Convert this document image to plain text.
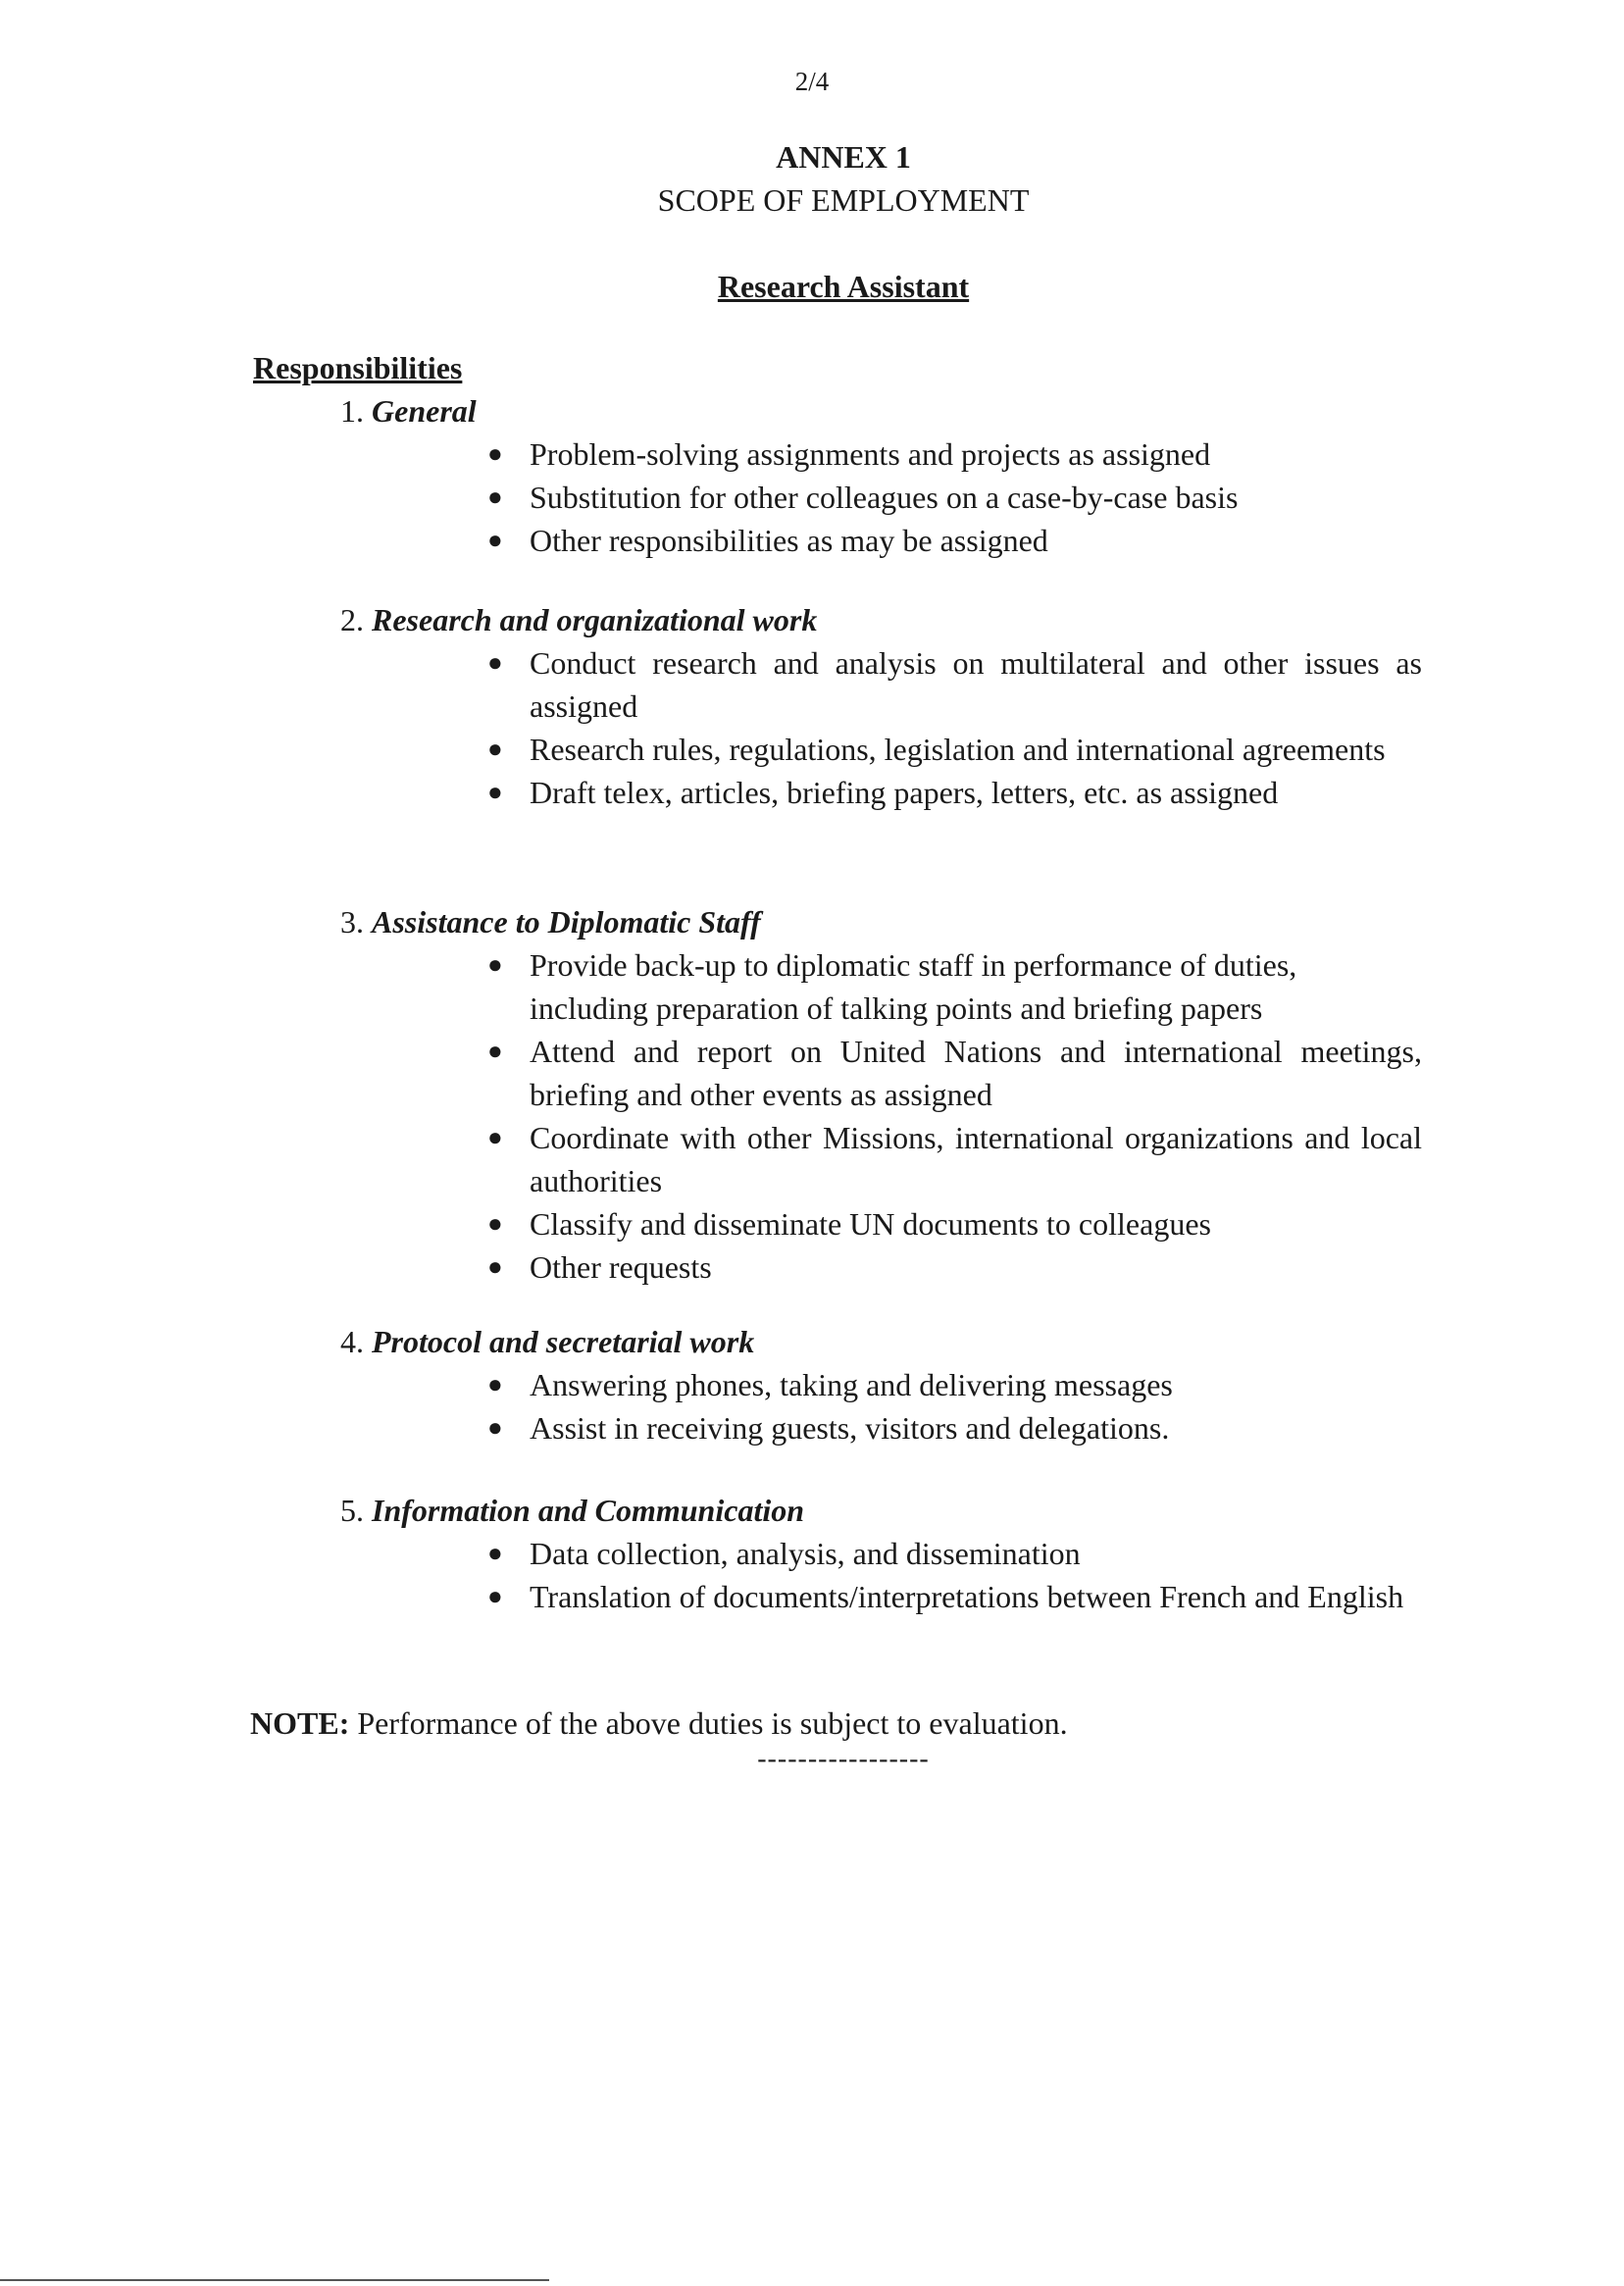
2/4
ANNEX 1
SCOPE OF EMPLOYMENT
Research Assistant
Responsibilities

1. General

● Problem-solving assignments and projects as assigned
● Substitution for other colleagues on a case-by-case basis
● Other responsibilities as may be assigned

2. Research and organizational work

● Conduct research and analysis on multilateral and other issues as assigned
● Research rules, regulations, legislation and international agreements
● Draft telex, articles, briefing papers, letters, etc. as assigned

3. Assistance to Diplomatic Staff

● Provide back-up to diplomatic staff in performance of duties, including preparation of talking points and briefing papers
● Attend and report on United Nations and international meetings, briefing and other events as assigned
● Coordinate with other Missions, international organizations and local authorities
● Classify and disseminate UN documents to colleagues
● Other requests

4. Protocol and secretarial work

● Answering phones, taking and delivering messages
● Assist in receiving guests, visitors and delegations.

5. Information and Communication

● Data collection, analysis, and dissemination
● Translation of documents/interpretations between French and English
NOTE: Performance of the above duties is subject to evaluation.
-----------------
